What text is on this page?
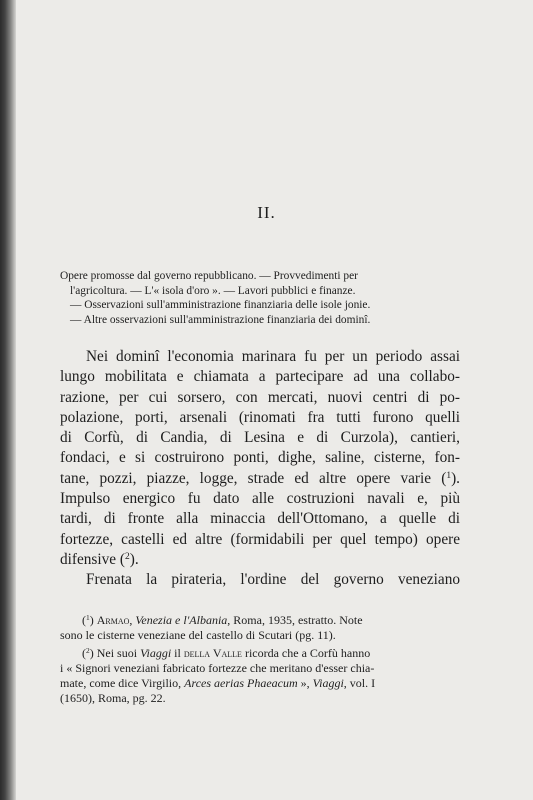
II.
Opere promosse dal governo repubblicano. — Provvedimenti per
l'agricoltura. — L'« isola d'oro ». — Lavori pubblici e finanze.
— Osservazioni sull'amministrazione finanziaria delle isole jonie.
— Altre osservazioni sull'amministrazione finanziaria dei dominî.
Nei dominî l'economia marinara fu per un periodo assai
lungo mobilitata e chiamata a partecipare ad una collabo-
razione, per cui sorsero, con mercati, nuovi centri di po-
polazione, porti, arsenali (rinomati fra tutti furono quelli
di Corfù, di Candia, di Lesina e di Curzola), cantieri,
fondaci, e si costruirono ponti, dighe, saline, cisterne, fon-
tane, pozzi, piazze, logge, strade ed altre opere varie ($^1$).
Impulso energico fu dato alle costruzioni navali e, più
tardi, di fronte alla minaccia dell'Ottomano, a quelle di
fortezze, castelli ed altre (formidabili per quel tempo) opere
difensive ($^2$).
Frenata la pirateria, l'ordine del governo veneziano
($^1$) Armao, Venezia e l'Albania, Roma, 1935, estratto. Note
sono le cisterne veneziane del castello di Scutari (pg. 11).
($^2$) Nei suoi Viaggi il della Valle ricorda che a Corfù hanno
i « Signori veneziani fabricato fortezze che meritano d'esser chia-
mate, come dice Virgilio, Arces aerias Phaeacum », Viaggi, vol. I
(1650), Roma, pg. 22.
